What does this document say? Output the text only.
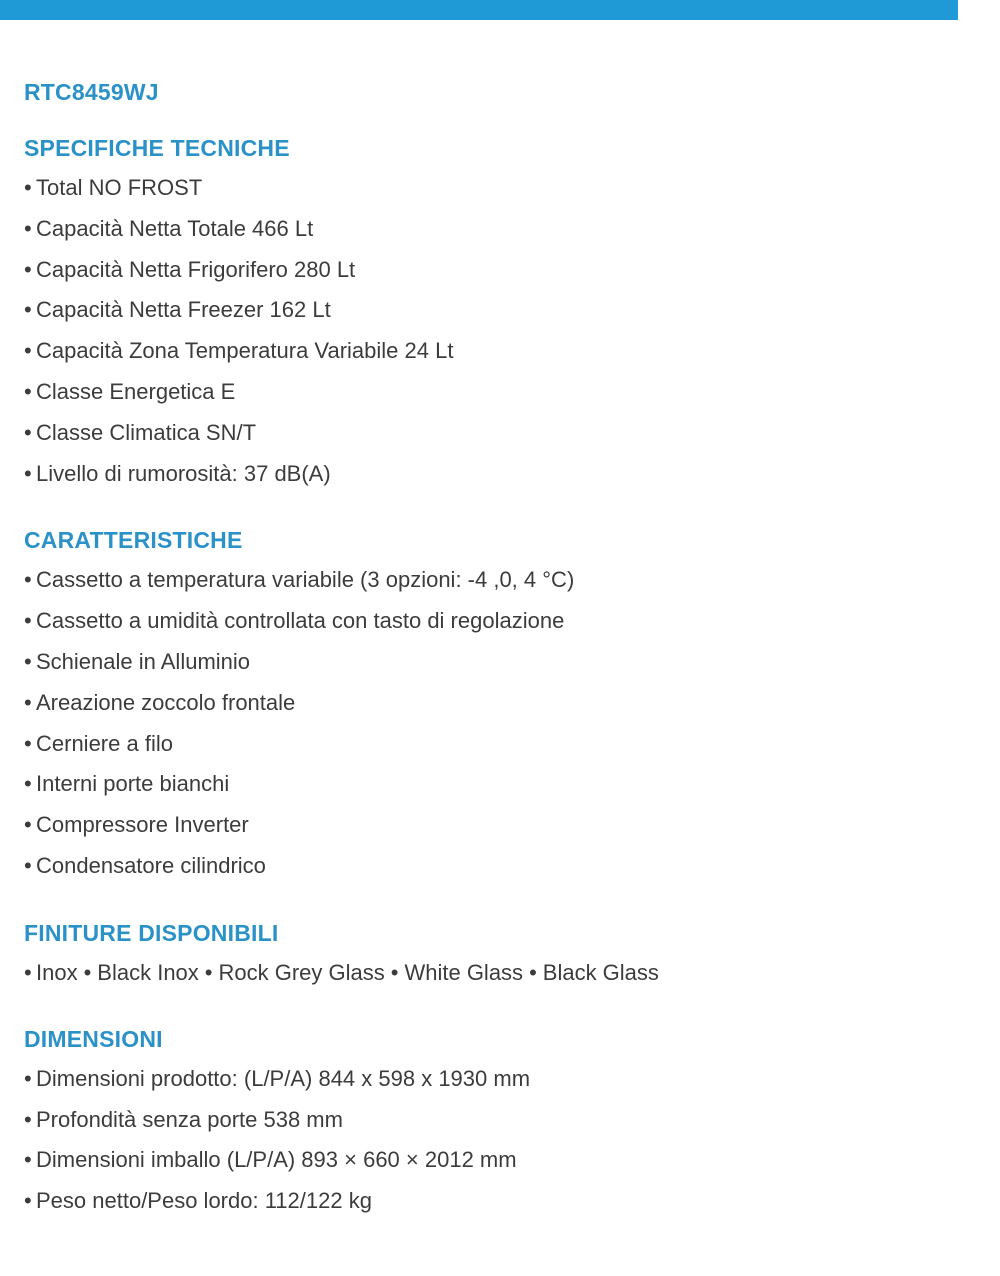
RTC8459WJ
SPECIFICHE TECNICHE
• Total NO FROST
• Capacità Netta Totale 466 Lt
• Capacità Netta Frigorifero 280 Lt
• Capacità Netta Freezer 162 Lt
• Capacità Zona Temperatura Variabile 24 Lt
• Classe Energetica E
• Classe Climatica SN/T
• Livello di rumorosità: 37 dB(A)
CARATTERISTICHE
• Cassetto a temperatura variabile (3 opzioni: -4 ,0, 4 °C)
• Cassetto a umidità controllata con tasto di regolazione
• Schienale in Alluminio
• Areazione zoccolo frontale
• Cerniere a filo
• Interni porte bianchi
• Compressore Inverter
• Condensatore cilindrico
FINITURE DISPONIBILI
• Inox • Black Inox • Rock Grey Glass • White Glass • Black Glass
DIMENSIONI
• Dimensioni prodotto: (L/P/A) 844 x 598 x 1930 mm
• Profondità senza porte 538 mm
• Dimensioni imballo (L/P/A) 893 × 660 × 2012 mm
• Peso netto/Peso lordo: 112/122 kg
